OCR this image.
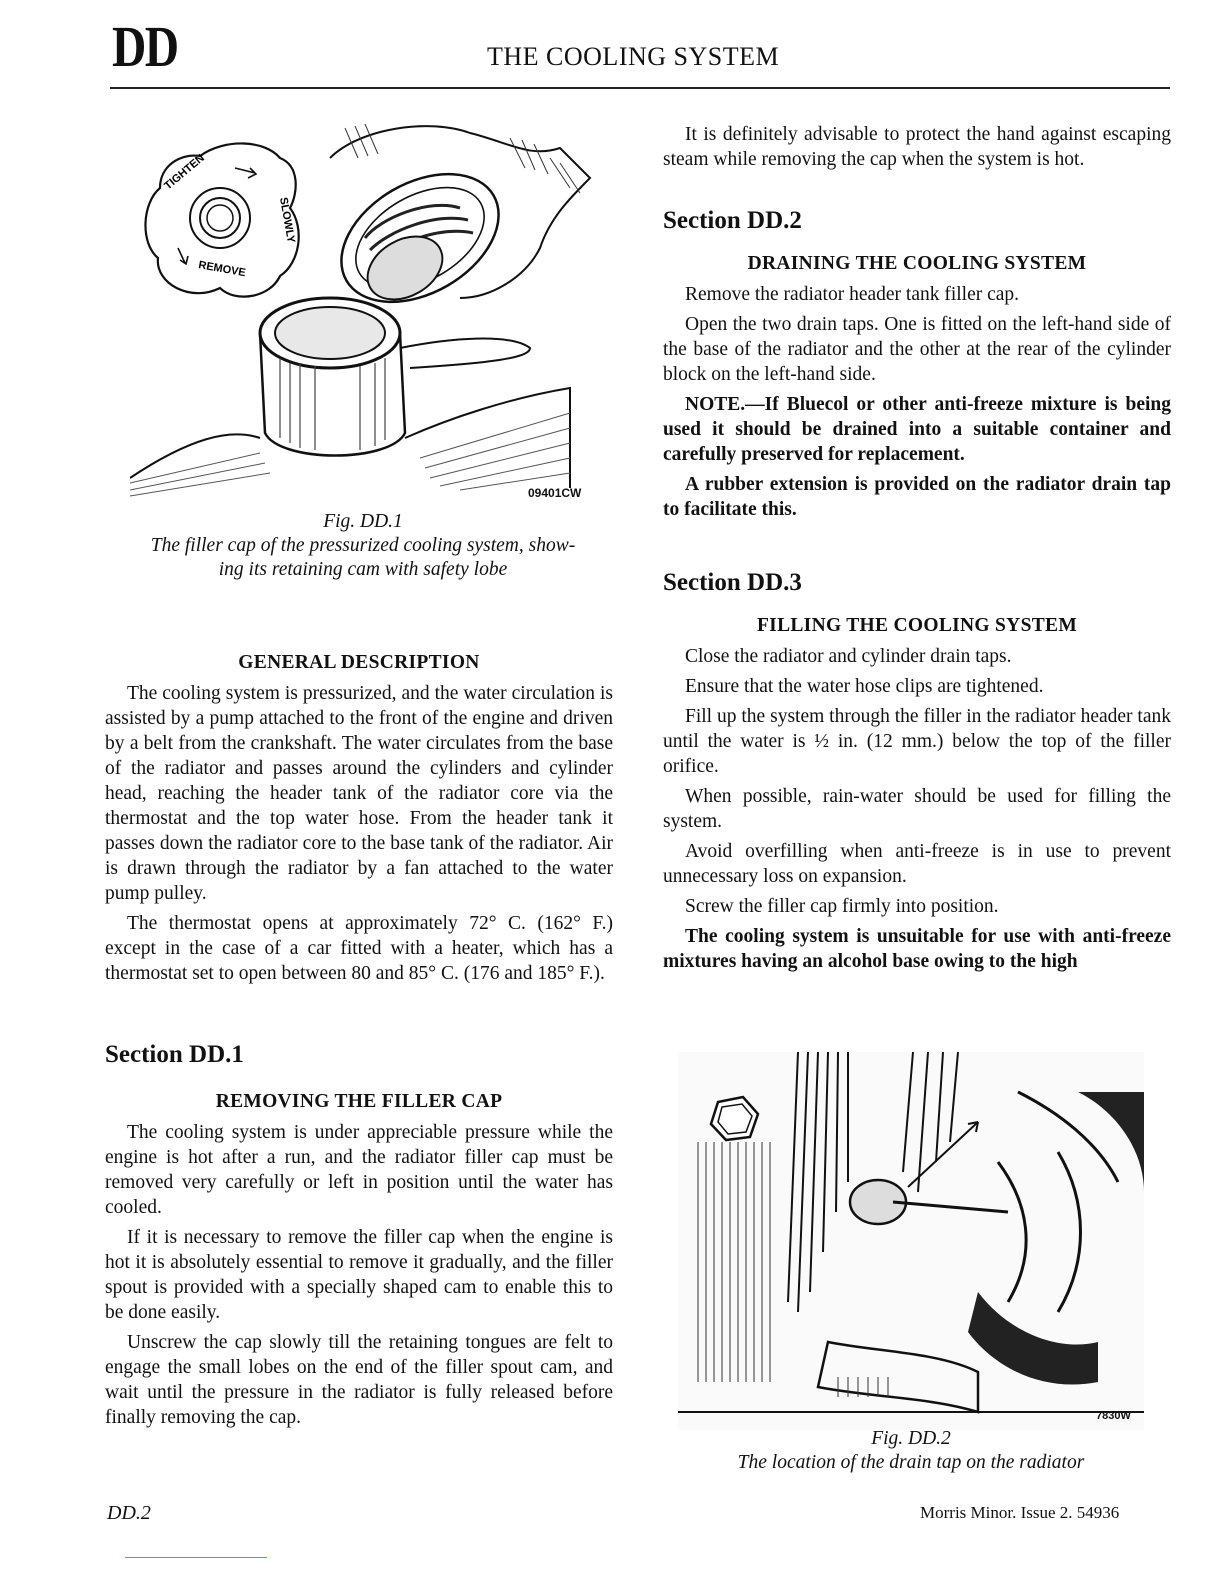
DD	THE COOLING SYSTEM
TIGHTEN
SLOWLY
REMOVE
09401CW
Fig. DD.1
The filler cap of the pressurized cooling system, show-
ing its retaining cam with safety lobe
GENERAL DESCRIPTION

The cooling system is pressurized, and the water circulation is assisted by a pump attached to the front of the engine and driven by a belt from the crankshaft. The water circulates from the base of the radiator and passes around the cylinders and cylinder head, reaching the header tank of the radiator core via the thermostat and the top water hose. From the header tank it passes down the radiator core to the base tank of the radiator. Air is drawn through the radiator by a fan attached to the water pump pulley.

The thermostat opens at approximately 72° C. (162° F.) except in the case of a car fitted with a heater, which has a thermostat set to open between 80 and 85° C. (176 and 185° F.).

Section DD.1
REMOVING THE FILLER CAP

The cooling system is under appreciable pressure while the engine is hot after a run, and the radiator filler cap must be removed very carefully or left in position until the water has cooled.

If it is necessary to remove the filler cap when the engine is hot it is absolutely essential to remove it gradually, and the filler spout is provided with a specially shaped cam to enable this to be done easily.

Unscrew the cap slowly till the retaining tongues are felt to engage the small lobes on the end of the filler spout cam, and wait until the pressure in the radiator is fully released before finally removing the cap.

It is definitely advisable to protect the hand against escaping steam while removing the cap when the system is hot.

Section DD.2
DRAINING THE COOLING SYSTEM

Remove the radiator header tank filler cap.

Open the two drain taps. One is fitted on the left-hand side of the base of the radiator and the other at the rear of the cylinder block on the left-hand side.

NOTE.—If Bluecol or other anti-freeze mixture is being used it should be drained into a suitable container and carefully preserved for replacement.

A rubber extension is provided on the radiator drain tap to facilitate this.

Section DD.3
FILLING THE COOLING SYSTEM

Close the radiator and cylinder drain taps.

Ensure that the water hose clips are tightened.

Fill up the system through the filler in the radiator header tank until the water is ½ in. (12 mm.) below the top of the filler orifice.

When possible, rain-water should be used for filling the system.

Avoid overfilling when anti-freeze is in use to prevent unnecessary loss on expansion.

Screw the filler cap firmly into position.

The cooling system is unsuitable for use with anti-freeze mixtures having an alcohol base owing to the high

7830W
Fig. DD.2
The location of the drain tap on the radiator
DD.2	Morris Minor. Issue 2. 54936
